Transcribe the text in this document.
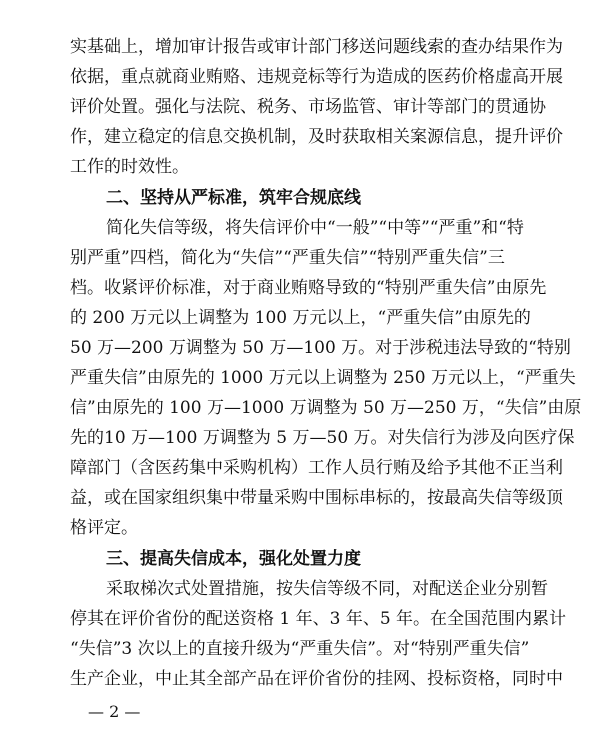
实基础上，增加审计报告或审计部门移送问题线索的查办结果作为
依据，重点就商业贿赂、违规竞标等行为造成的医药价格虚高开展
评价处置。强化与法院、税务、市场监管、审计等部门的贯通协
作，建立稳定的信息交换机制，及时获取相关案源信息，提升评价
工作的时效性。
二、坚持从严标准，筑牢合规底线
简化失信等级，将失信评价中“一般”“中等”“严重”和“特
别严重”四档，简化为“失信”“严重失信”“特别严重失信”三
档。收紧评价标准，对于商业贿赂导致的“特别严重失信”由原先
的 200 万元以上调整为 100 万元以上，“严重失信”由原先的
50 万—200 万调整为 50 万—100 万。对于涉税违法导致的“特别
严重失信”由原先的 1000 万元以上调整为 250 万元以上，“严重失
信”由原先的 100 万—1000 万调整为 50 万—250 万，“失信”由原
先的10 万—100 万调整为 5 万—50 万。对失信行为涉及向医疗保
障部门（含医药集中采购机构）工作人员行贿及给予其他不正当利
益，或在国家组织集中带量采购中围标串标的，按最高失信等级顶
格评定。
三、提高失信成本，强化处置力度
采取梯次式处置措施，按失信等级不同，对配送企业分别暂
停其在评价省份的配送资格 1 年、3 年、5 年。在全国范围内累计
“失信”3 次以上的直接升级为“严重失信”。对“特别严重失信”
生产企业，中止其全部产品在评价省份的挂网、投标资格，同时中
— 2 —
